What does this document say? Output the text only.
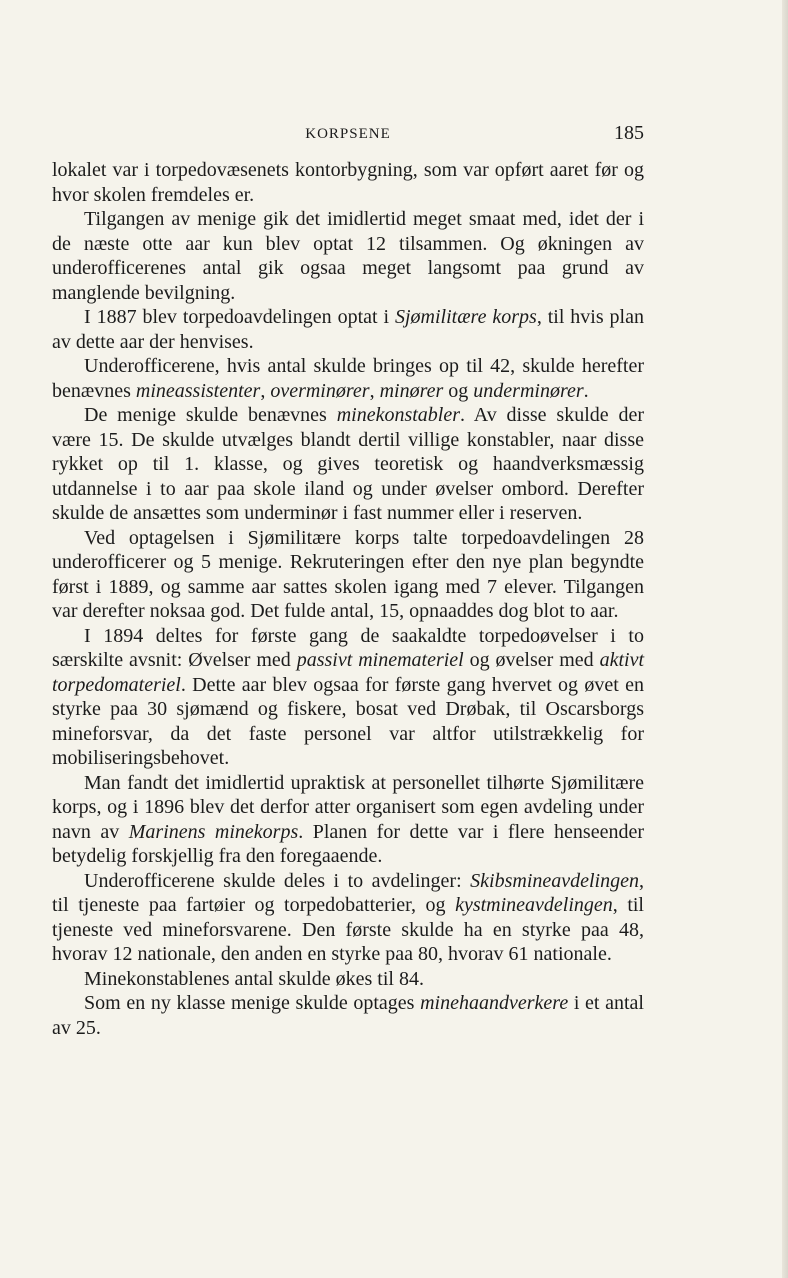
KORPSENE	185

lokalet var i torpedovæsenets kontorbygning, som var opført aaret før og hvor skolen fremdeles er.

Tilgangen av menige gik det imidlertid meget smaat med, idet der i de næste otte aar kun blev optat 12 tilsammen. Og økningen av underofficerenes antal gik ogsaa meget langsomt paa grund av manglende bevilgning.

I 1887 blev torpedoavdelingen optat i Sjømilitære korps, til hvis plan av dette aar der henvises.

Underofficerene, hvis antal skulde bringes op til 42, skulde herefter benævnes mineassistenter, overminører, minører og underminører.

De menige skulde benævnes minekonstabler. Av disse skulde der være 15. De skulde utvælges blandt dertil villige konstabler, naar disse rykket op til 1. klasse, og gives teoretisk og haandverksmæssig utdannelse i to aar paa skole iland og under øvelser ombord. Derefter skulde de ansættes som underminør i fast nummer eller i reserven.

Ved optagelsen i Sjømilitære korps talte torpedoavdelingen 28 underofficerer og 5 menige. Rekruteringen efter den nye plan begyndte først i 1889, og samme aar sattes skolen igang med 7 elever. Tilgangen var derefter noksaa god. Det fulde antal, 15, opnaaddes dog blot to aar.

I 1894 deltes for første gang de saakaldte torpedoøvelser i to særskilte avsnit: Øvelser med passivt minemateriel og øvelser med aktivt torpedomateriel. Dette aar blev ogsaa for første gang hvervet og øvet en styrke paa 30 sjømænd og fiskere, bosat ved Drøbak, til Oscarsborgs mineforsvar, da det faste personel var altfor utilstrækkelig for mobiliseringsbehovet.

Man fandt det imidlertid upraktisk at personellet tilhørte Sjømilitære korps, og i 1896 blev det derfor atter organisert som egen avdeling under navn av Marinens minekorps. Planen for dette var i flere henseender betydelig forskjellig fra den foregaaende.

Underofficerene skulde deles i to avdelinger: Skibsmineavdelingen, til tjeneste paa fartøier og torpedobatterier, og kystmineavdelingen, til tjeneste ved mineforsvarene. Den første skulde ha en styrke paa 48, hvorav 12 nationale, den anden en styrke paa 80, hvorav 61 nationale.

Minekonstablenes antal skulde økes til 84.

Som en ny klasse menige skulde optages minehaandverkere i et antal av 25.
